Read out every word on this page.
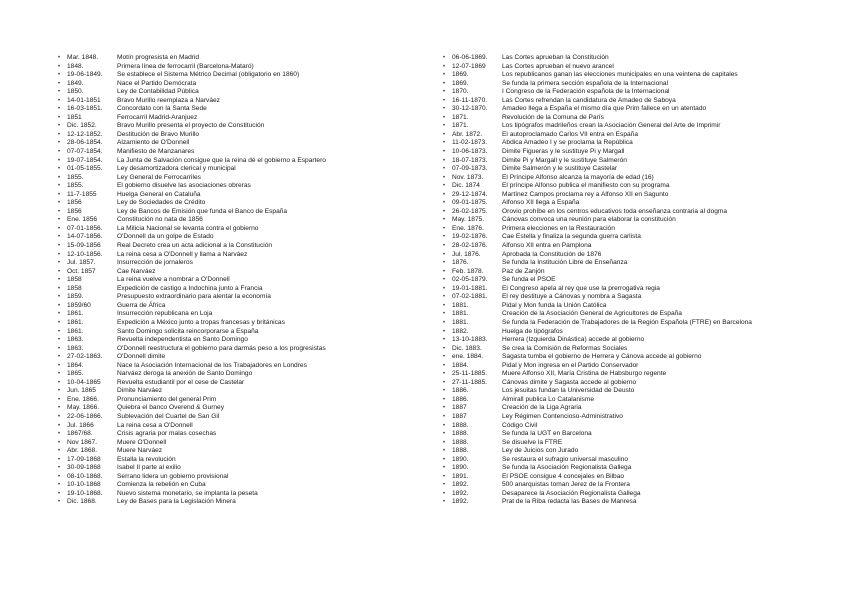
• Mar. 1848.	Motín progresista en Madrid
• 1848.	Primera línea de ferrocarril (Barcelona-Mataró)
• 19-06-1849. Se establece el Sistema Métrico Decimal (obligatorio en 1860)
• 1849.	Nace el Partido Demócrata
• 1850.	Ley de Contabilidad Pública
• 14-01-1851 Bravo Murillo reemplaza a Narváez
• 16-03-1851. Concordato con la Santa Sede
• 1851	Ferrocarril Madrid-Aranjuez
• Dic. 1852.	Bravo Murillo presenta el proyecto de Constitución
• 12-12-1852. Destitución de Bravo Murillo
• 28-06-1854. Alzamiento de O'Donnell
• 07-07-1854. Manifiesto de Manzanares
• 19-07-1854. La Junta de Salvación consigue que la reina dé el gobierno a Espartero
• 01-05-1855. Ley desamortizadora clerical y municipal
• 1855.	Ley General de Ferrocarriles
• 1855.	El gobierno disuelve las asociaciones obreras
• 11-7-1855	Huelga General en Cataluña
• 1856	Ley de Sociedades de Crédito
• 1856	Ley de Bancos de Emisión que funda el Banco de España
• Ene. 1856	Constitución no nata de 1856
• 07-01-1856. La Milicia Nacional se levanta contra el gobierno
• 14-07-1856. O'Donnell da un golpe de Estado
• 15-09-1856 Real Decreto crea un acta adicional a la Constitución
• 12-10-1856. La reina cesa a O'Donnell y llama a Narváez
• Jul. 1857.	Insurrección de jornaleros
• Oct. 1857	Cae Narváez
• 1858	La reina vuelve a nombrar a O'Donnell
• 1858	Expedición de castigo a Indochina junto a Francia
• 1859.	Presupuesto extraordinario para alentar la economía
• 1859/60	Guerra de África
• 1861.	Insurrección republicana en Loja
• 1861.	Expedición a México junto a tropas francesas y británicas
• 1861.	Santo Domingo solicita reincorporarse a España
• 1863.	Revuelta independentista en Santo Domingo
• 1863.	O'Donnell reestructura el gobierno para darmás peso a los progresistas
• 27-02-1863. O'Donnell dimite
• 1864.	Nace la Asociación Internacional de los Trabajadores en Londres
• 1865.	Narváez deroga la anexión de Santo Domingo
• 10-04-1865 Revuelta estudiantil por el cese de Castelar
• Jun. 1865	Dimite Narváez
• Ene. 1866.	Pronunciamiento del general Prim
• May. 1866.	Quiebra el banco Overend & Gurney
• 22-06-1866. Sublevación del Cuartel de San Gil
• Jul. 1866	La reina cesa a O'Donnell
• 1867/68.	Crisis agraria por malas cosechas
• Nov 1867.	Muere O'Donnell
• Abr. 1868.	Muere Narváez
• 17-09-1868 Estalla la revolución
• 30-09-1868 Isabel II parte al exilio
• 08-10-1868. Serrano lidera un gobierno provisional
• 10-10-1868 Comienza la rebelión en Cuba
• 19-10-1868. Nuevo sistema monetario, se implanta la peseta
• Dic. 1868.	Ley de Bases para la Legislación Minera
• 06-06-1869. Las Cortes aprueban la Constitución
• 12-07-1869 Las Cortes aprueban el nuevo arancel
• 1869.	Los republicanos ganan las elecciones municipales en una veintena de capitales
• 1869.	Se funda la primera sección española de la Internacional
• 1870.	I Congreso de la Federación española de la Internacional
• 16-11-1870. Las Cortes refrendan la candidatura de Amadeo de Saboya
• 30-12-1870. Amadeo llega a España el mismo día que Prim fallece en un atentado
• 1871.	Revolución de la Comuna de París
• 1871.	Los tipógrafos madrileños crean la Asociación General del Arte de Imprimir
• Abr. 1872.	El autoproclamado Carlos VII entra en España
• 11-02-1873. Abdica Amadeo I y se proclama la República
• 10-06-1873. Dimite Figueras y le sustituye Pi y Margall
• 18-07-1873. Dimite Pi y Margall y le sustituye Salmerón
• 07-09-1873. Dimite Salmerón y le sustituye Castelar
• Nov. 1873.	El Príncipe Alfonso alcanza la mayoría de edad (16)
• Dic. 1874	El príncipe Alfonso publica el manifiesto con su programa
• 29-12-1874. Martínez Campos proclama rey a Alfonso XII en Sagunto
• 09-01-1875. Alfonso XII llega a España
• 26-02-1875. Orovio prohíbe en los centros educativos toda enseñanza contraria al dogma
• May. 1875.	Cánovas convoca una reunión para elaborar la constitución
• Ene. 1876.	Primera elecciones en la Restauración
• 19-02-1876. Cae Estella y finaliza la segunda guerra carlista
• 28-02-1876. Alfonso XII entra en Pamplona
• Jul. 1876.	Aprobada la Constitución de 1876
• 1876.	Se funda la Institución Libre de Enseñanza
• Feb. 1878.	Paz de Zanjón
• 02-05-1879. Se funda el PSOE
• 19-01-1881. El Congreso apela al rey que use la prerrogativa regia
• 07-02-1881. El rey destituye a Cánovas y nombra a Sagasta
• 1881.	Pidal y Mon funda la Unión Católica
• 1881.	Creación de la Asociación General de Agricultores de España
• 1881.	Se funda la Federación de Trabajadores de la Región Española (FTRE) en Barcelona
• 1882.	Huelga de tipógrafos
• 13-10-1883. Herrera (Izquierda Dinástica) accede al gobierno
• Dic. 1883.	Se crea la Comisión de Reformas Sociales
• ene. 1884.	Sagasta tumba el gobierno de Herrera y Cánova accede al gobierno
• 1884.	Pidal y Mon ingresa en el Partido Conservador
• 25-11-1885. Muere Alfonso XII, María Cristina de Habsburgo regente
• 27-11-1885. Cánovas dimite y Sagasta accede al gobierno
• 1886.	Los jesuitas fundan la Universidad de Deusto
• 1886.	Almirall publica Lo Catalanisme
• 1887	Creación de la Liga Agraria
• 1887	Ley Régimen Contencioso-Administrativo
• 1888.	Código Civil
• 1888.	Se funda la UGT en Barcelona
• 1888.	Se disuelve la FTRE
• 1888.	Ley de Juicios con Jurado
• 1890.	Se restaura el sufragio universal masculino
• 1890.	Se funda la Asociación Regionalista Gallega
• 1891.	El PSOE consigue 4 concejales en Bilbao
• 1892.	500 anarquistas toman Jerez de la Frontera
• 1892.	Desaparece la Asociación Regionalista Gallega
• 1892.	Prat de la Riba redacta las Bases de Manresa
